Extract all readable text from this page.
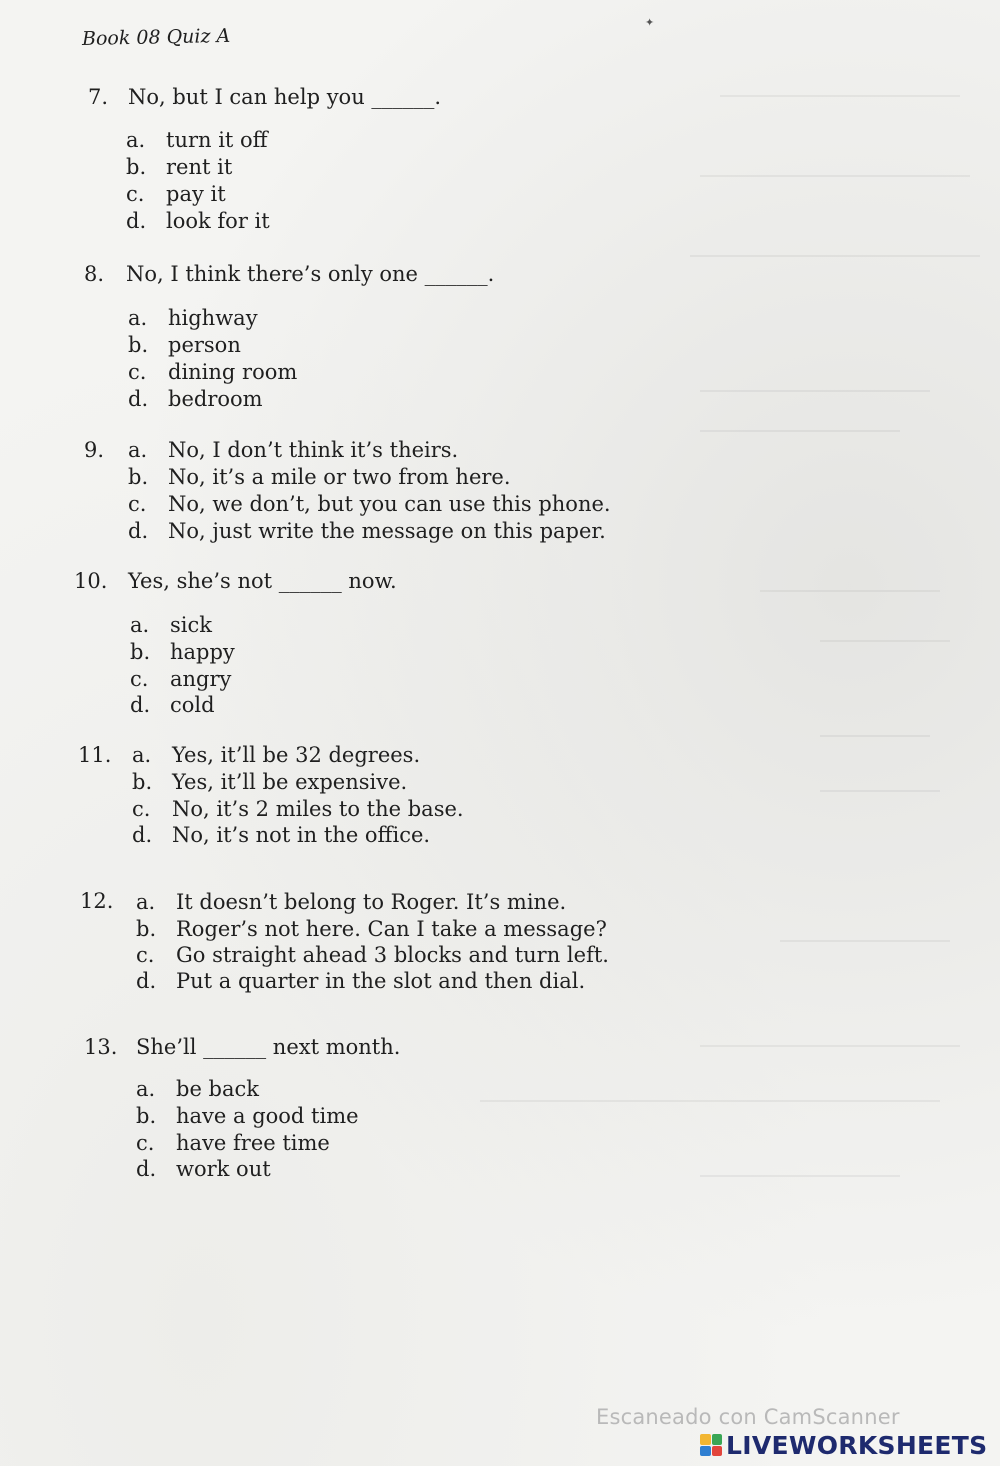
✦
Book 08 Quiz A
7. No, but I can help you ______.
a. turn it off
b. rent it
c. pay it
d. look for it
8. No, I think there’s only one ______.
a. highway
b. person
c. dining room
d. bedroom
9. a. No, I don’t think it’s theirs.
b. No, it’s a mile or two from here.
c. No, we don’t, but you can use this phone.
d. No, just write the message on this paper.
10. Yes, she’s not ______ now.
a. sick
b. happy
c. angry
d. cold
11. a. Yes, it’ll be 32 degrees.
b. Yes, it’ll be expensive.
c. No, it’s 2 miles to the base.
d. No, it’s not in the office.
12. a. It doesn’t belong to Roger. It’s mine.
b. Roger’s not here. Can I take a message?
c. Go straight ahead 3 blocks and turn left.
d. Put a quarter in the slot and then dial.
13. She’ll ______ next month.
a. be back
b. have a good time
c. have free time
d. work out
Escaneado con CamScanner
LIVEWORKSHEETS
